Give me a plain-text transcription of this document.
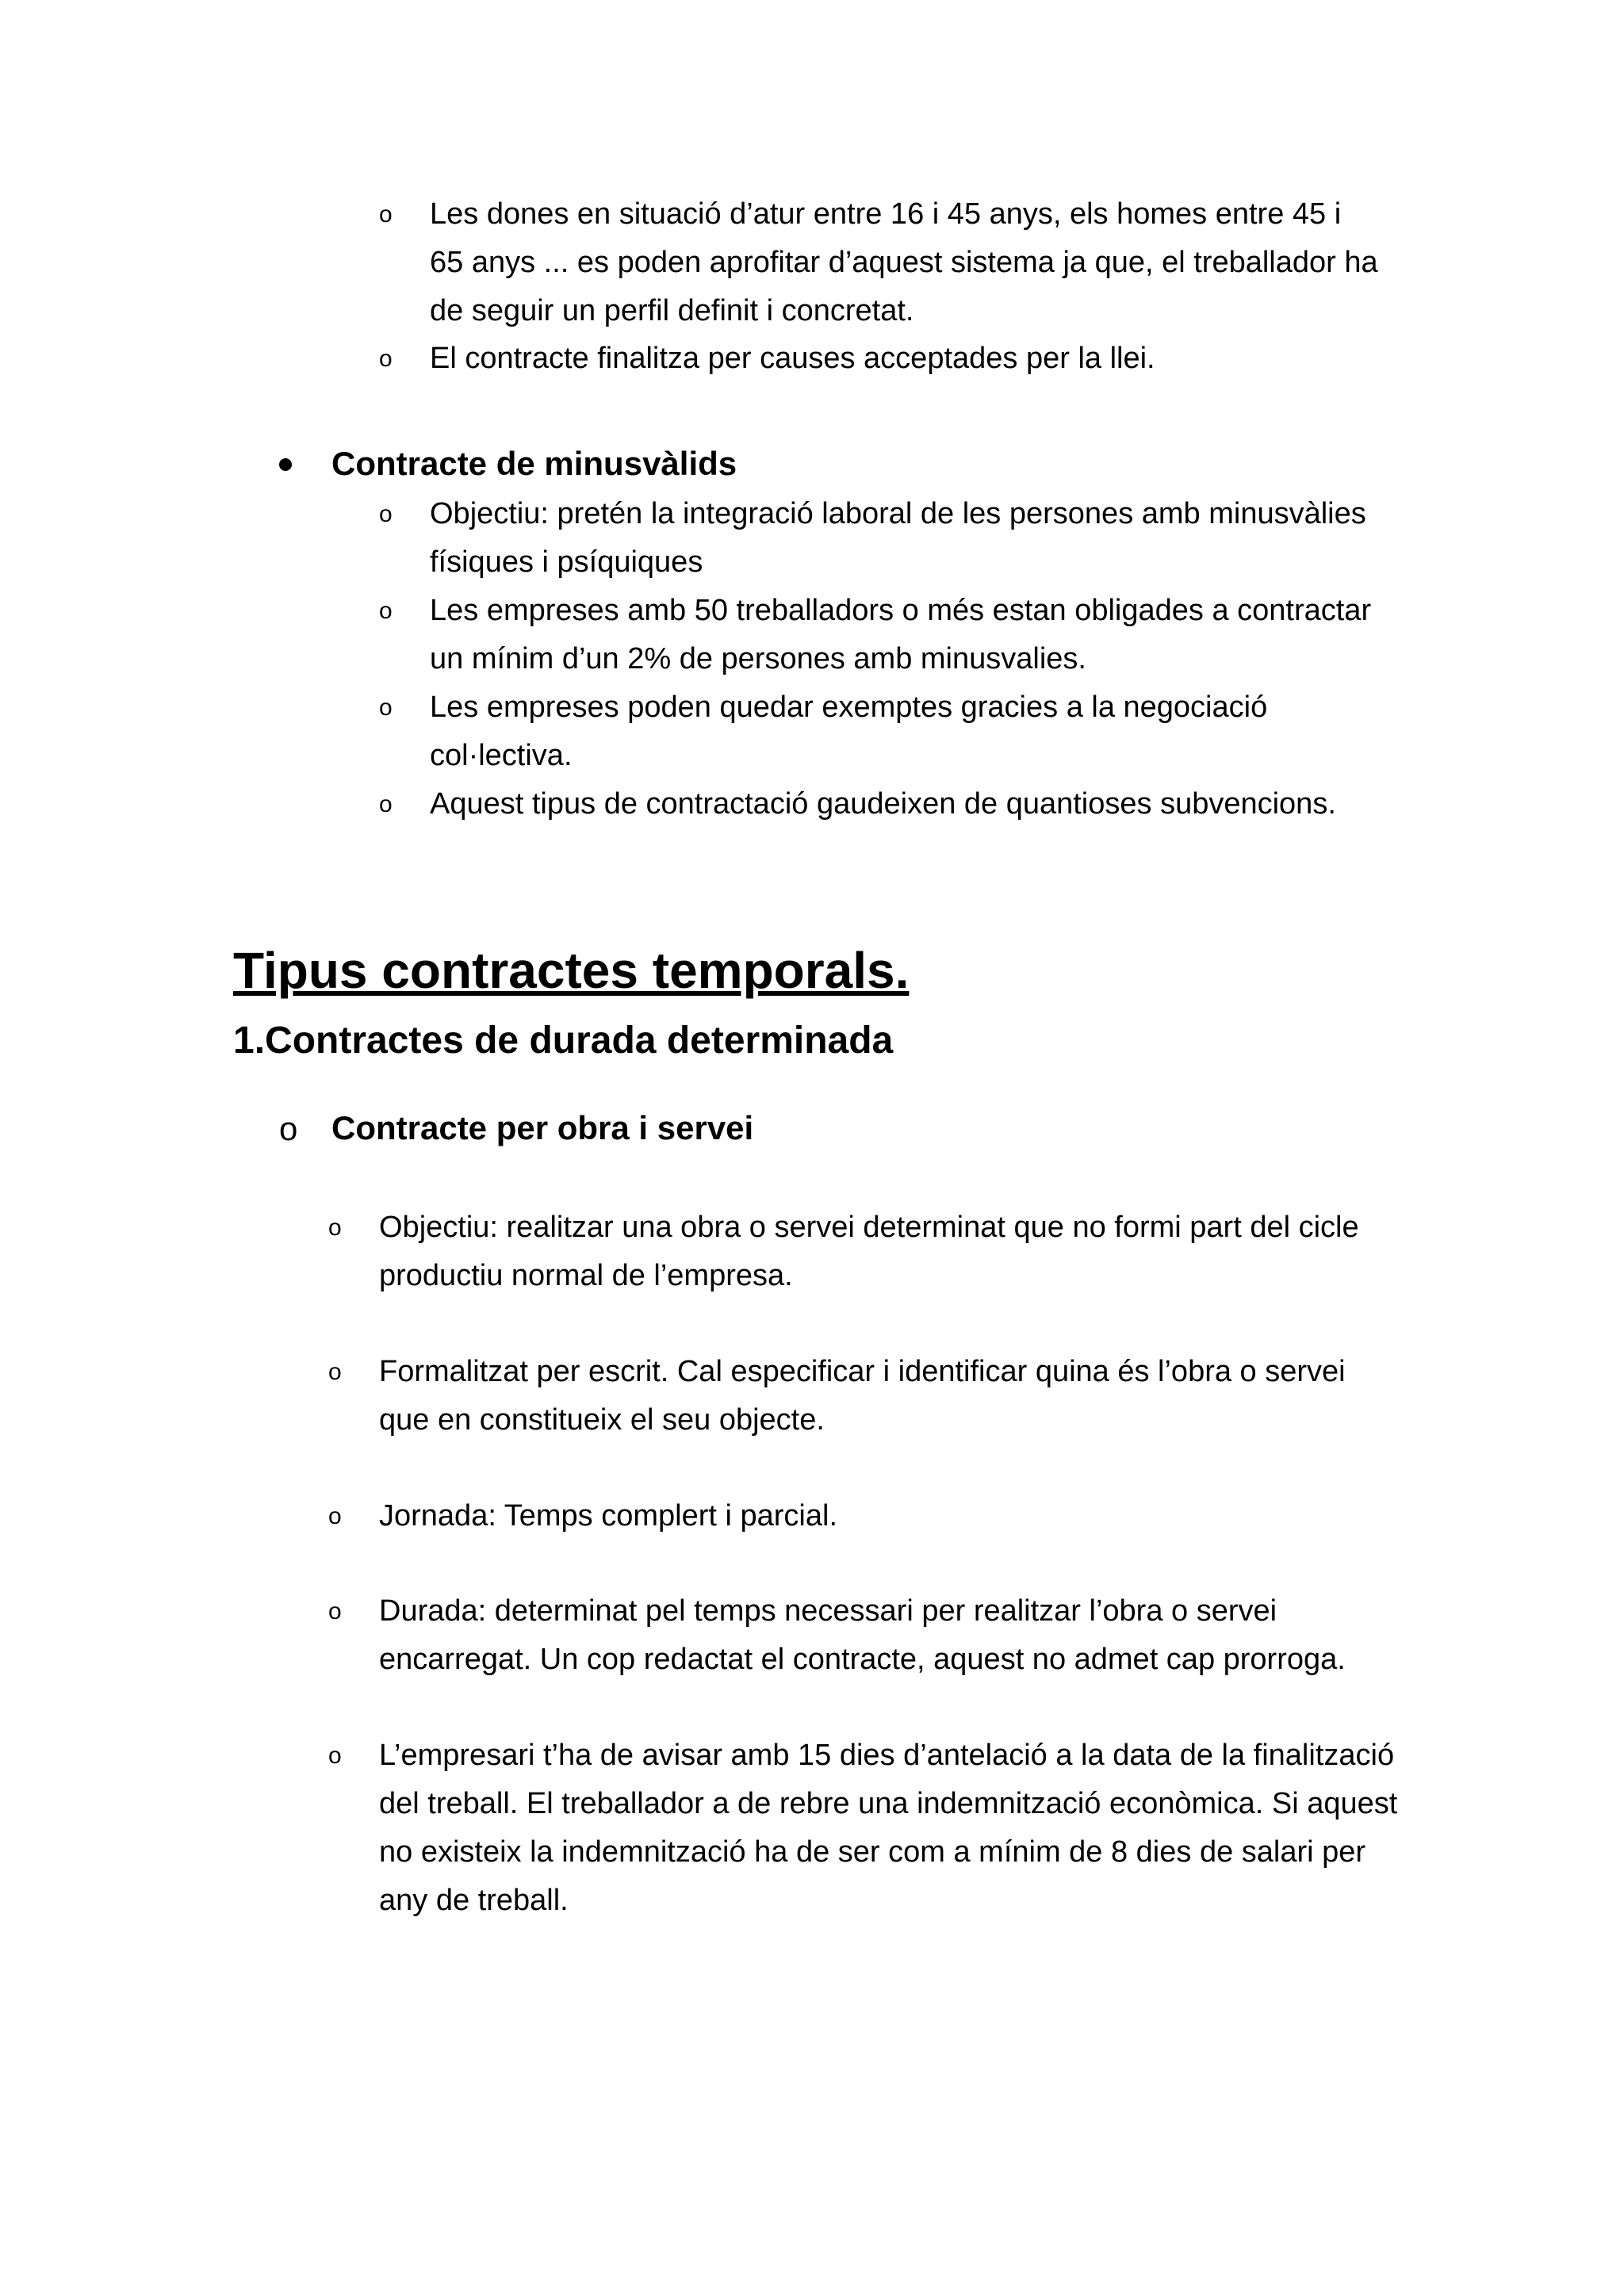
o Les dones en situació d’atur entre 16 i 45 anys, els homes entre 45 i 65 anys ... es poden aprofitar d’aquest sistema ja que, el treballador ha de seguir un perfil definit i concretat.
o El contracte finalitza per causes acceptades per la llei.
Contracte de minusvàlids
o Objectiu: pretén la integració laboral de les persones amb minusvàlies físiques i psíquiques
o Les empreses amb 50 treballadors o més estan obligades a contractar un mínim d’un 2% de persones amb minusvalies.
o Les empreses poden quedar exemptes gracies a la negociació col·lectiva.
o Aquest tipus de contractació gaudeixen de quantioses subvencions.
Tipus contractes temporals.
1.Contractes de durada determinada
o Contracte per obra i servei
o Objectiu: realitzar una obra o servei determinat que no formi part del cicle productiu normal de l’empresa.
o Formalitzat per escrit. Cal especificar i identificar quina és l’obra o servei que en constitueix el seu objecte.
o Jornada: Temps complert i parcial.
o Durada: determinat pel temps necessari per realitzar l’obra o servei encarregat. Un cop redactat el contracte, aquest no admet cap prorroga.
o L’empresari t’ha de avisar amb 15 dies d’antelació a la data de la finalització del treball. El treballador a de rebre una indemnització econòmica. Si aquest no existeix la indemnització ha de ser com a mínim de 8 dies de salari per any de treball.
